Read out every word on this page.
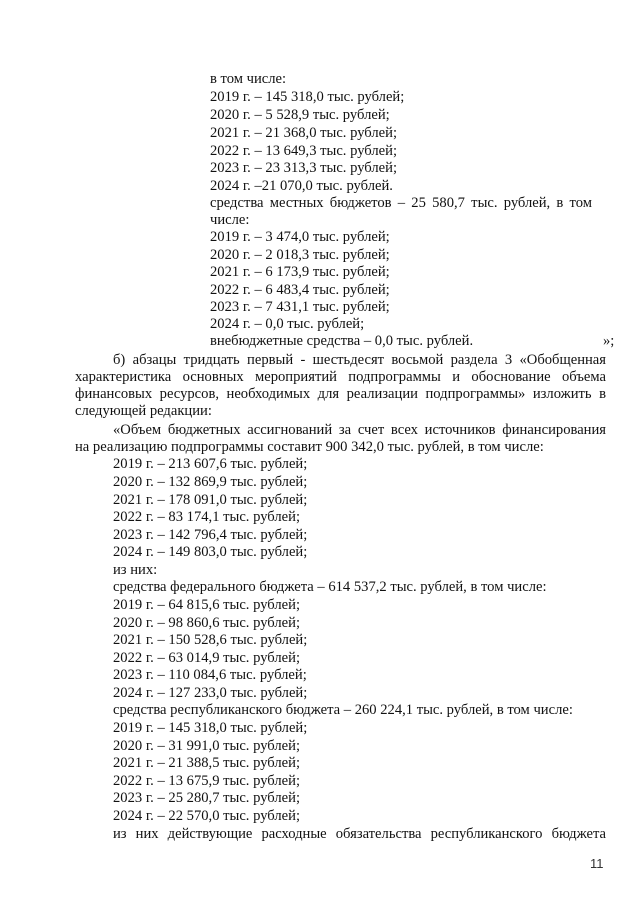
в том числе:
2019 г. – 145 318,0 тыс. рублей;
2020 г. – 5 528,9 тыс. рублей;
2021 г. – 21 368,0 тыс. рублей;
2022 г. – 13 649,3 тыс. рублей;
2023 г. – 23 313,3 тыс. рублей;
2024 г. –21 070,0 тыс. рублей.
средства местных бюджетов – 25 580,7 тыс. рублей, в том
числе:
2019 г. – 3 474,0 тыс. рублей;
2020 г. – 2 018,3 тыс. рублей;
2021 г. – 6 173,9 тыс. рублей;
2022 г. – 6 483,4 тыс. рублей;
2023 г. – 7 431,1 тыс. рублей;
2024 г. – 0,0 тыс. рублей;
внебюджетные средства – 0,0 тыс. рублей.	»;
б) абзацы тридцать первый - шестьдесят восьмой раздела 3 «Обобщенная
характеристика основных мероприятий подпрограммы и обоснование объема
финансовых ресурсов, необходимых для реализации подпрограммы» изложить в
следующей редакции:
«Объем бюджетных ассигнований за счет всех источников финансирования
на реализацию подпрограммы составит 900 342,0 тыс. рублей, в том числе:
2019 г. – 213 607,6 тыс. рублей;
2020 г. – 132 869,9 тыс. рублей;
2021 г. – 178 091,0 тыс. рублей;
2022 г. – 83 174,1 тыс. рублей;
2023 г. – 142 796,4 тыс. рублей;
2024 г. – 149 803,0 тыс. рублей;
из них:
средства федерального бюджета – 614 537,2 тыс. рублей, в том числе:
2019 г. – 64 815,6 тыс. рублей;
2020 г. – 98 860,6 тыс. рублей;
2021 г. – 150 528,6 тыс. рублей;
2022 г. – 63 014,9 тыс. рублей;
2023 г. – 110 084,6 тыс. рублей;
2024 г. – 127 233,0 тыс. рублей;
средства республиканского бюджета – 260 224,1 тыс. рублей, в том числе:
2019 г. – 145 318,0 тыс. рублей;
2020 г. – 31 991,0 тыс. рублей;
2021 г. – 21 388,5 тыс. рублей;
2022 г. – 13 675,9 тыс. рублей;
2023 г. – 25 280,7 тыс. рублей;
2024 г. – 22 570,0 тыс. рублей;
из них действующие расходные обязательства республиканского бюджета
11
